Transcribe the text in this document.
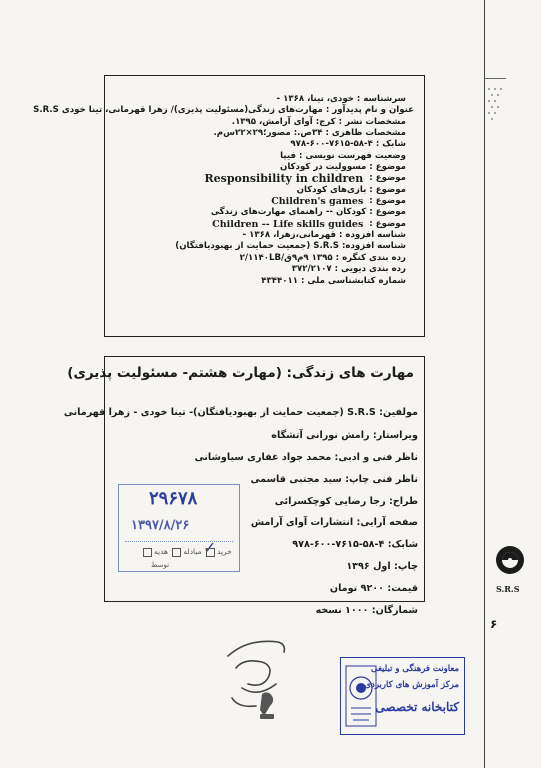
S.R.S
۶
سرشناسه : خودی، تینا، ۱۳۶۸ -
عنوان و نام پدیدآور : مهارت‌های زندگی(مسئولیت پذیری)/ زهرا قهرمانی، تینا خودی S.R.S
مشخصات نشر : کرج: آوای آرامش، ۱۳۹۵.
مشخصات ظاهری : ۳۴ص.: مصور؛۲۹×۲۲س‌م.
شابک : ۴-۵۸-۷۶۱۵-۶۰۰-۹۷۸
وضعیت فهرست نویسی : فیپا
موضوع : مسوولیت در کودکان
موضوع :
Responsibility in children
موضوع : بازی‌های کودکان
موضوع :
Children's games
موضوع : کودکان -- راهنمای مهارت‌های زندگی
موضوع :
Children -- Life skills guides
شناسه افزوده : قهرمانی،زهرا، ۱۳۶۸ -
شناسه افزوده: S.R.S (جمعیت حمایت از بهبودیافتگان)
رده بندی کنگره : ۱۳۹۵ ۹م۹ق/۲/۱۱۴۰LB
رده بندی دیویی : ۳۷۲/۲۱۰۷
شماره کتابشناسی ملی : ۴۳۴۴۰۱۱
مهارت های زندگی: (مهارت هشتم- مسئولیت پذیری)
مولفین: S.R.S (جمعیت حمایت از بهبودیافتگان)- تینا خودی - زهرا قهرمانی
ویراستار: رامش نورانی آتشگاه
ناظر فنی و ادبی: محمد جواد غفاری سیاوشانی
ناظر فنی چاپ: سید مجتبی قاسمی
طراح: رجا رضایی کوچکسرائی
صفحه آرایی: انتشارات آوای آرامش
شابک: ۴-۵۸-۷۶۱۵-۶۰۰-۹۷۸
چاپ: اول ۱۳۹۶
قیمت: ۹۲۰۰ تومان
شمارگان: ۱۰۰۰ نسخه
۲۹۶۷۸
۱۳۹۷/۸/۲۶
✓ خرید مبادله هدیه
توسط
معاونت فرهنگی و تبلیغی
مرکز آموزش های کاربردی
کتابخانه تخصصی
